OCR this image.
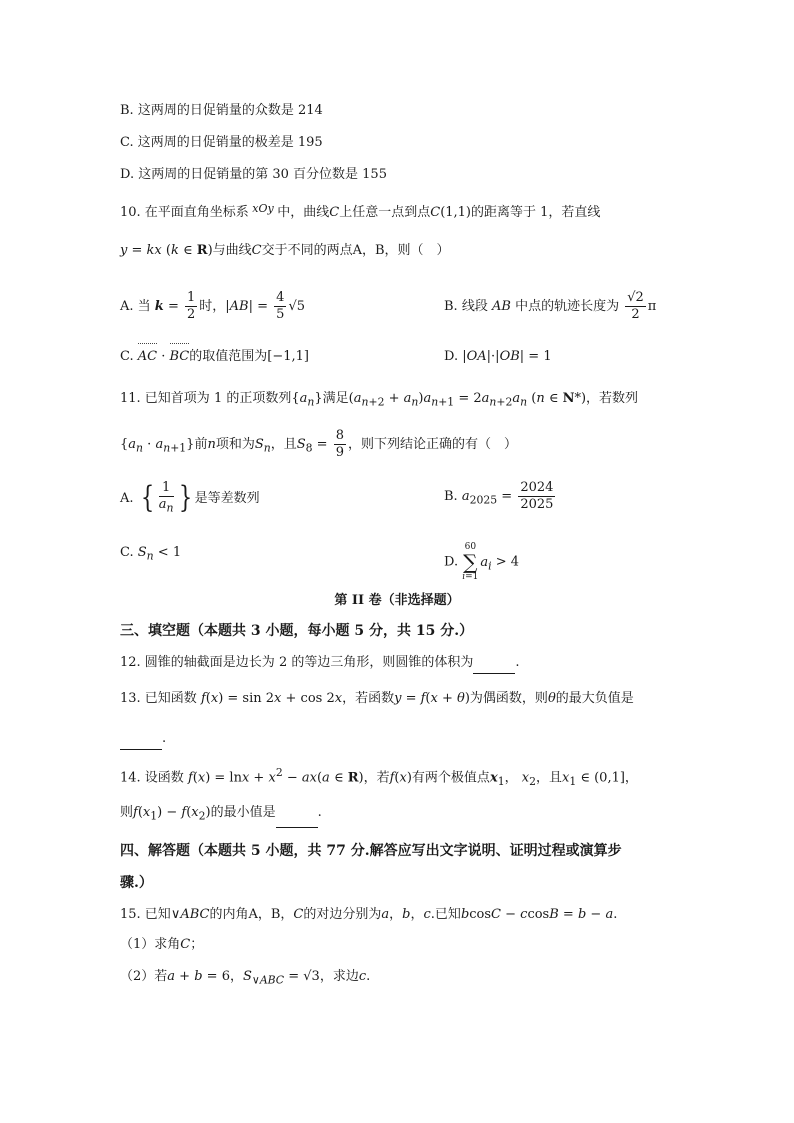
B. 这两周的日促销量的众数是 214
C. 这两周的日促销量的极差是 195
D. 这两周的日促销量的第 30 百分位数是 155
10. 在平面直角坐标系 $^{xOy}$ 中，曲线C上任意一点到点C(1,1)的距离等于 1，若直线
y = kx (k ∈ R)与曲线C交于不同的两点A，B，则（　）
A. 当 $k = \frac{1}{2}$ 时，$|AB| = \frac{4}{5} √5$	B. 线段 AB 中点的轨迹长度为 $\frac{√2}{2}$ π
C. AC · BC的取值范围为[−1,1]	D. |OA|·|OB| = 1
11. 已知首项为 1 的正项数列$\{a_n\}$满足$(a_{n+2} + a_n)a_{n+1} = 2a_{n+2}a_n$ (n ∈ N*)，若数列
$\{a_n \cdot a_{n+1}\}$前n项和为$S_n$，且$S_8 = \frac{8}{9}$ ，则下列结论正确的有（　）
A. { $\frac{1}{a_n}$ } 是等差数列	B. $a_{2025} = \frac{2024}{2025}$
C. $S_n < 1$
D.
60
∑
i=1
$a_i > 4$
第 II 卷（非选择题）
三、填空题（本题共 3 小题，每小题 5 分，共 15 分.）
12. 圆锥的轴截面是边长为 2 的等边三角形，则圆锥的体积为	.
13. 已知函数 f(x) = sin 2x + cos 2x，若函数y = f(x + θ)为偶函数，则θ的最大负值是
.
14. 设函数 $f(x) = \ln x + x^2 - ax(a$ ∈ R)，若f(x)有两个极值点$x_1$， $x_2$，且$x_1$ ∈ (0,1]，
则$f(x_1) - f(x_2)$的最小值是	.
四、解答题（本题共 5 小题，共 77 分.解答应写出文字说明、证明过程或演算步
骤.）
15. 已知∨ABC的内角A，B，C的对边分别为a，b，c.已知bcosC − ccosB = b − a.
（1）求角C；
（2）若a + b = 6，$S_{\vee ABC} = √3$，求边c.
